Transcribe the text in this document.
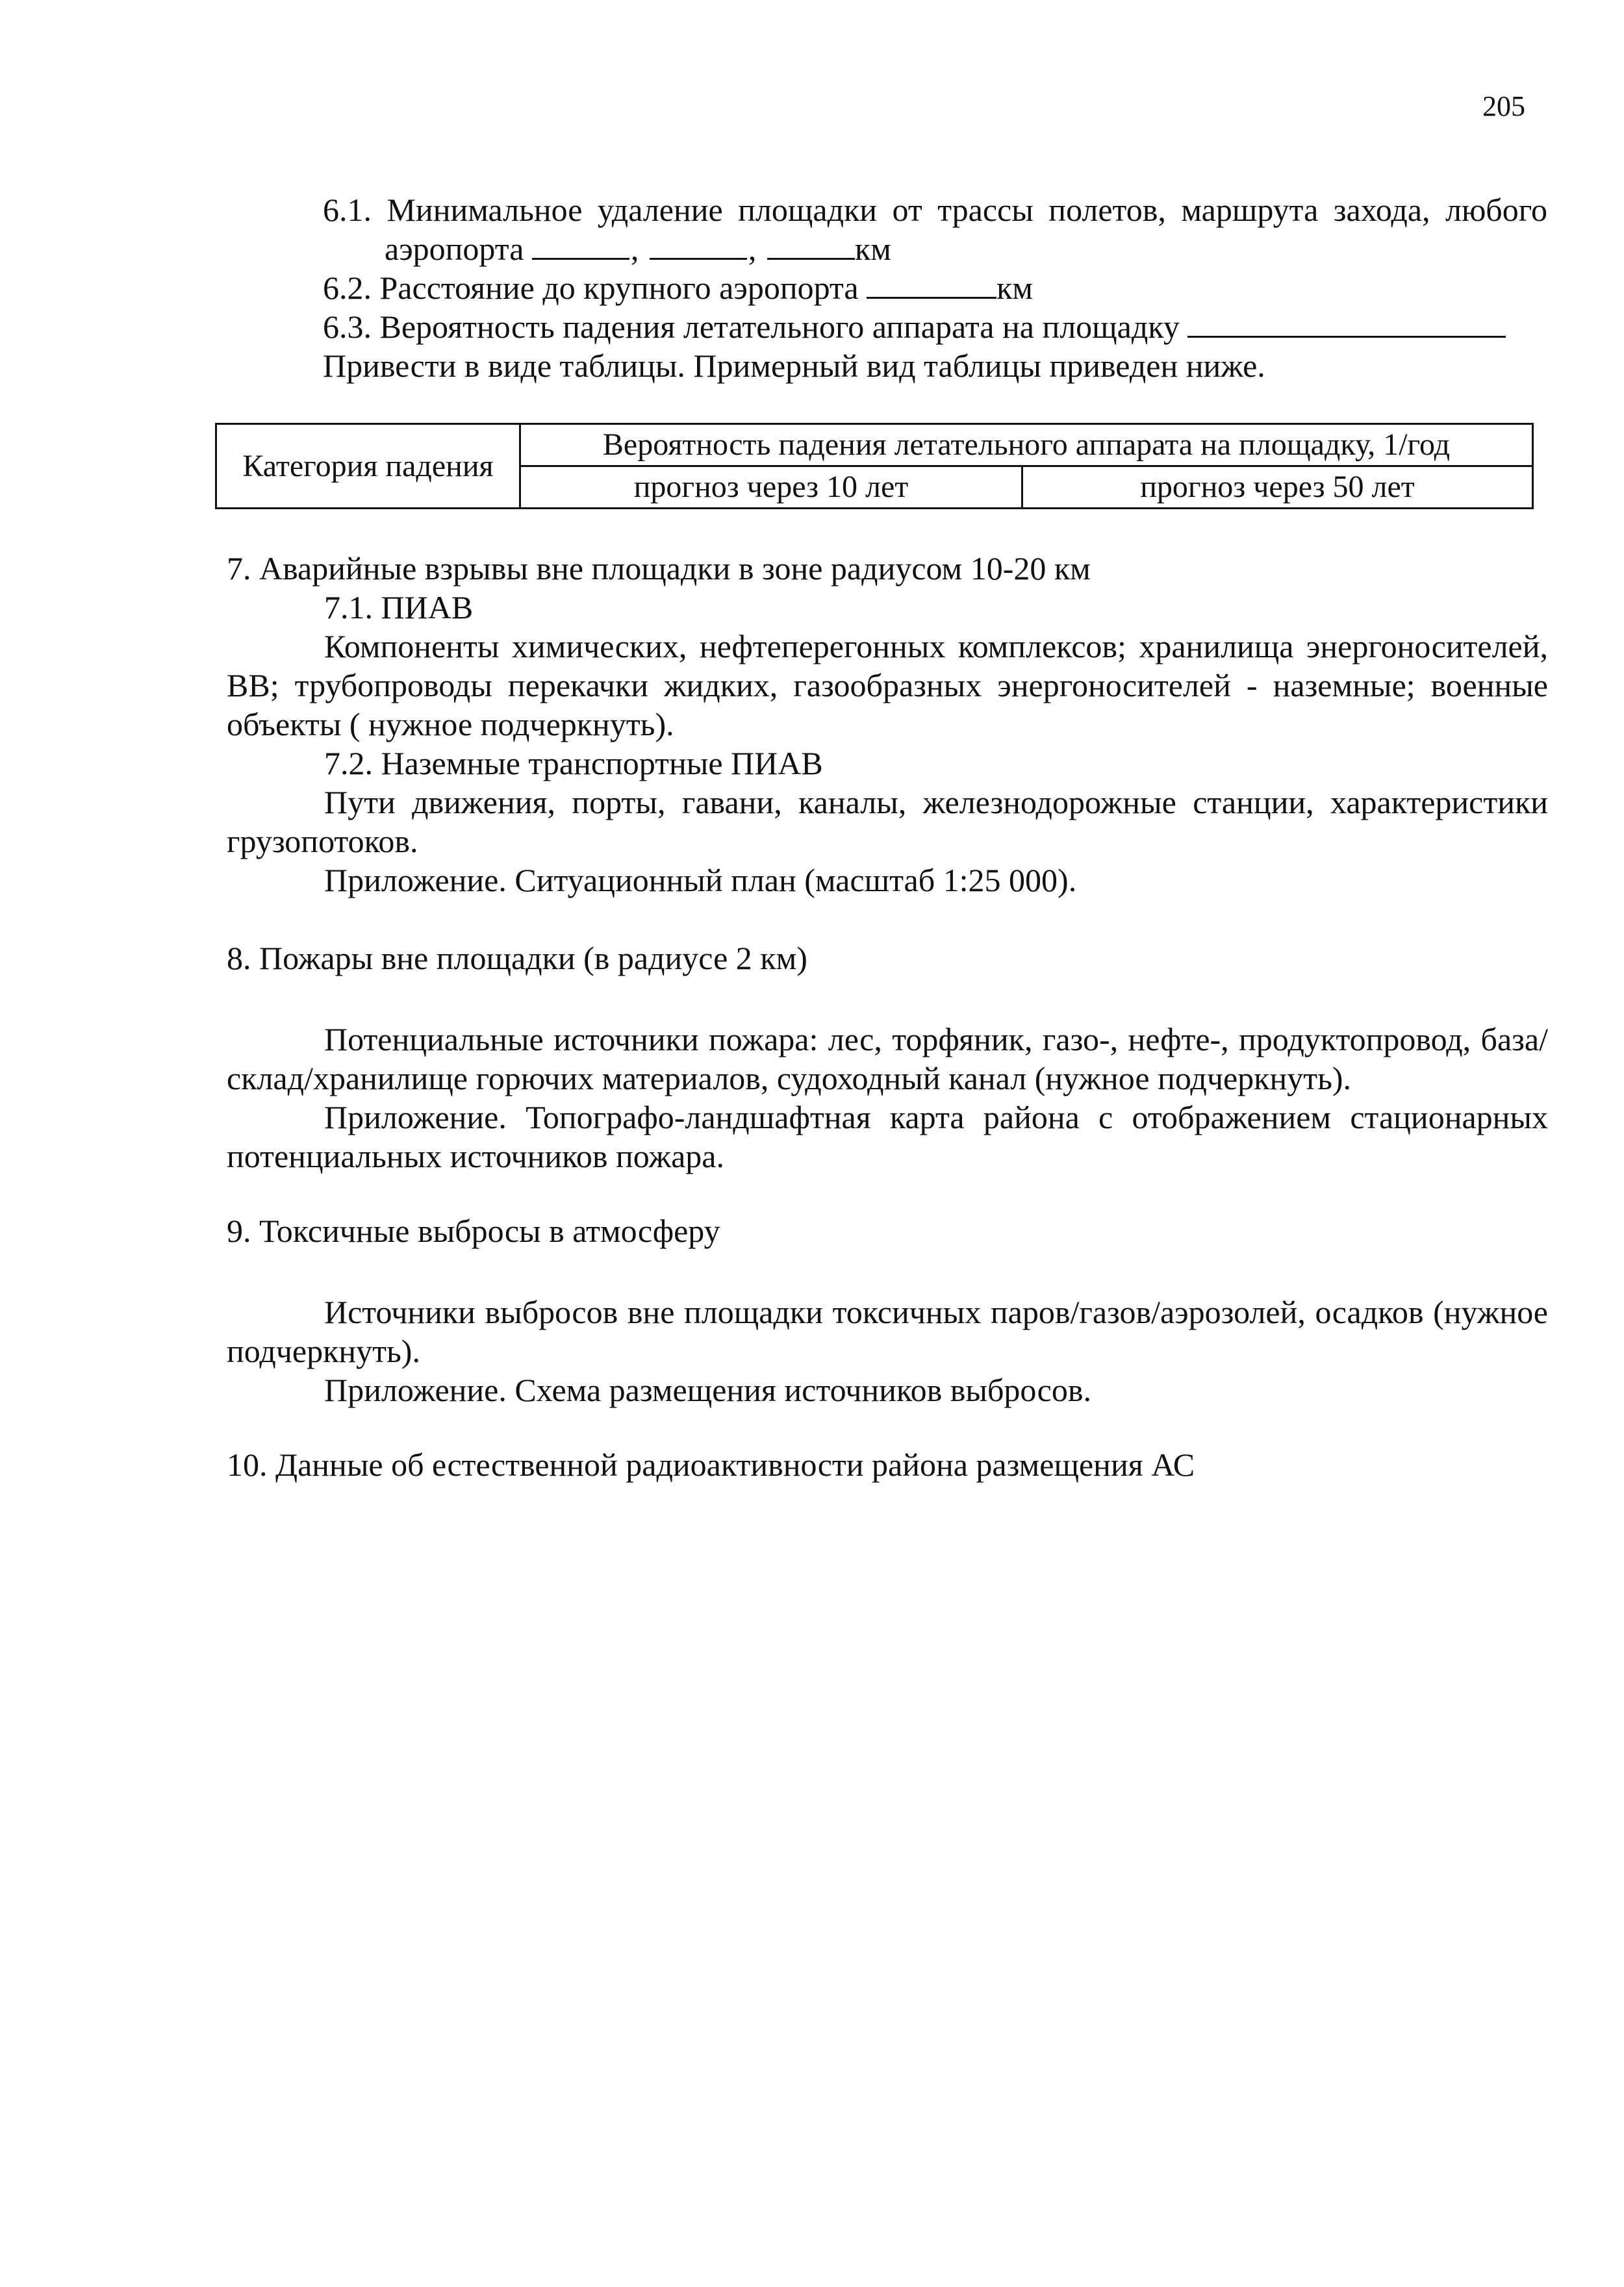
205

6.1. Минимальное удаление площадки от трассы полетов, маршрута захода, любого

аэропорта	,	,	км

6.2. Расстояние до крупного аэропорта	км

6.3. Вероятность падения летательного аппарата на площадку

Привести в виде таблицы. Примерный вид таблицы приведен ниже.

Категория падения	Вероятность падения летательного аппарата на площадку, 1/год	
	прогноз через 10 лет	прогноз через 50 лет

7. Аварийные взрывы вне площадки в зоне радиусом 10-20 км

7.1. ПИАВ

Компоненты химических, нефтеперегонных комплексов; хранилища энергоносителей, ВВ; трубопроводы перекачки жидких, газообразных энергоносителей - наземные; военные объекты ( нужное подчеркнуть).

7.2. Наземные транспортные ПИАВ

Пути движения, порты, гавани, каналы, железнодорожные станции, характеристики грузопотоков.

Приложение. Ситуационный план (масштаб 1:25 000).

8. Пожары вне площадки (в радиусе 2 км)

Потенциальные источники пожара: лес, торфяник, газо-, нефте-, продуктопровод, база/склад/хранилище горючих материалов, судоходный канал (нужное подчеркнуть).

Приложение. Топографо-ландшафтная карта района с отображением стационарных потенциальных источников пожара.

9. Токсичные выбросы в атмосферу

Источники выбросов вне площадки токсичных паров/газов/аэрозолей, осадков (нужное подчеркнуть).

Приложение. Схема размещения источников выбросов.

10. Данные об естественной радиоактивности района размещения АС
